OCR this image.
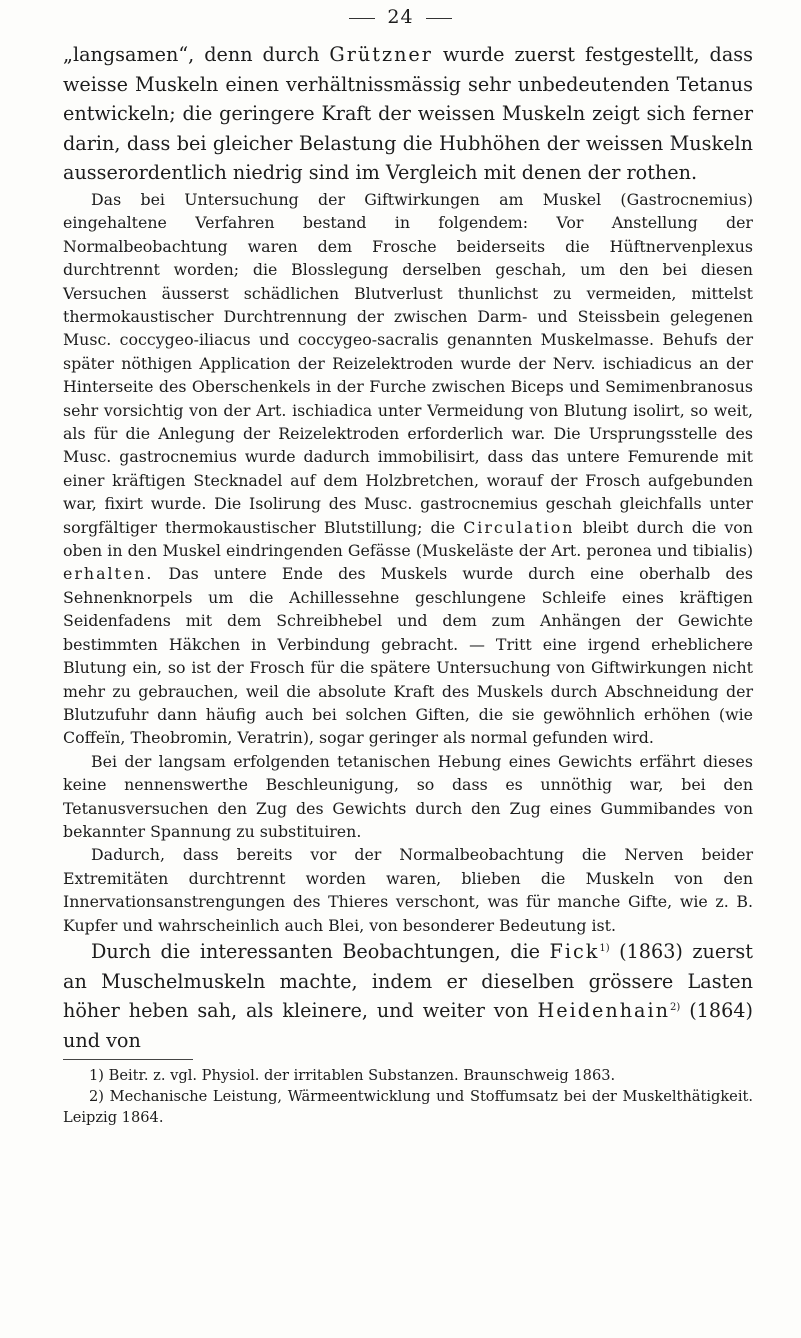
24

„langsamen“, denn durch Grützner wurde zuerst festgestellt, dass weisse Muskeln einen verhältnissmässig sehr unbedeutenden Tetanus entwickeln; die geringere Kraft der weissen Muskeln zeigt sich ferner darin, dass bei gleicher Belastung die Hubhöhen der weissen Muskeln ausserordentlich niedrig sind im Vergleich mit denen der rothen.

Das bei Untersuchung der Giftwirkungen am Muskel (Gastrocnemius) eingehaltene Verfahren bestand in folgendem: Vor Anstellung der Normalbeobachtung waren dem Frosche beiderseits die Hüftnervenplexus durchtrennt worden; die Blosslegung derselben geschah, um den bei diesen Versuchen äusserst schädlichen Blutverlust thunlichst zu vermeiden, mittelst thermokaustischer Durchtrennung der zwischen Darm- und Steissbein gelegenen Musc. coccygeo-iliacus und coccygeo-sacralis genannten Muskelmasse. Behufs der später nöthigen Application der Reizelektroden wurde der Nerv. ischiadicus an der Hinterseite des Oberschenkels in der Furche zwischen Biceps und Semimenbranosus sehr vorsichtig von der Art. ischiadica unter Vermeidung von Blutung isolirt, so weit, als für die Anlegung der Reizelektroden erforderlich war. Die Ursprungsstelle des Musc. gastrocnemius wurde dadurch immobilisirt, dass das untere Femurende mit einer kräftigen Stecknadel auf dem Holzbretchen, worauf der Frosch aufgebunden war, fixirt wurde. Die Isolirung des Musc. gastrocnemius geschah gleichfalls unter sorgfältiger thermokaustischer Blutstillung; die Circulation bleibt durch die von oben in den Muskel eindringenden Gefässe (Muskeläste der Art. peronea und tibialis) erhalten. Das untere Ende des Muskels wurde durch eine oberhalb des Sehnenknorpels um die Achillessehne geschlungene Schleife eines kräftigen Seidenfadens mit dem Schreibhebel und dem zum Anhängen der Gewichte bestimmten Häkchen in Verbindung gebracht. — Tritt eine irgend erheblichere Blutung ein, so ist der Frosch für die spätere Untersuchung von Giftwirkungen nicht mehr zu gebrauchen, weil die absolute Kraft des Muskels durch Abschneidung der Blutzufuhr dann häufig auch bei solchen Giften, die sie gewöhnlich erhöhen (wie Coffeïn, Theobromin, Veratrin), sogar geringer als normal gefunden wird.

Bei der langsam erfolgenden tetanischen Hebung eines Gewichts erfährt dieses keine nennenswerthe Beschleunigung, so dass es unnöthig war, bei den Tetanusversuchen den Zug des Gewichts durch den Zug eines Gummibandes von bekannter Spannung zu substituiren.

Dadurch, dass bereits vor der Normalbeobachtung die Nerven beider Extremitäten durchtrennt worden waren, blieben die Muskeln von den Innervationsanstrengungen des Thieres verschont, was für manche Gifte, wie z. B. Kupfer und wahrscheinlich auch Blei, von besonderer Bedeutung ist.

Durch die interessanten Beobachtungen, die Fick$^{1)}$ (1863) zuerst an Muschelmuskeln machte, indem er dieselben grössere Lasten höher heben sah, als kleinere, und weiter von Heidenhain$^{2)}$ (1864) und von

1) Beitr. z. vgl. Physiol. der irritablen Substanzen. Braunschweig 1863.

2) Mechanische Leistung, Wärmeentwicklung und Stoffumsatz bei der Muskelthätigkeit. Leipzig 1864.
